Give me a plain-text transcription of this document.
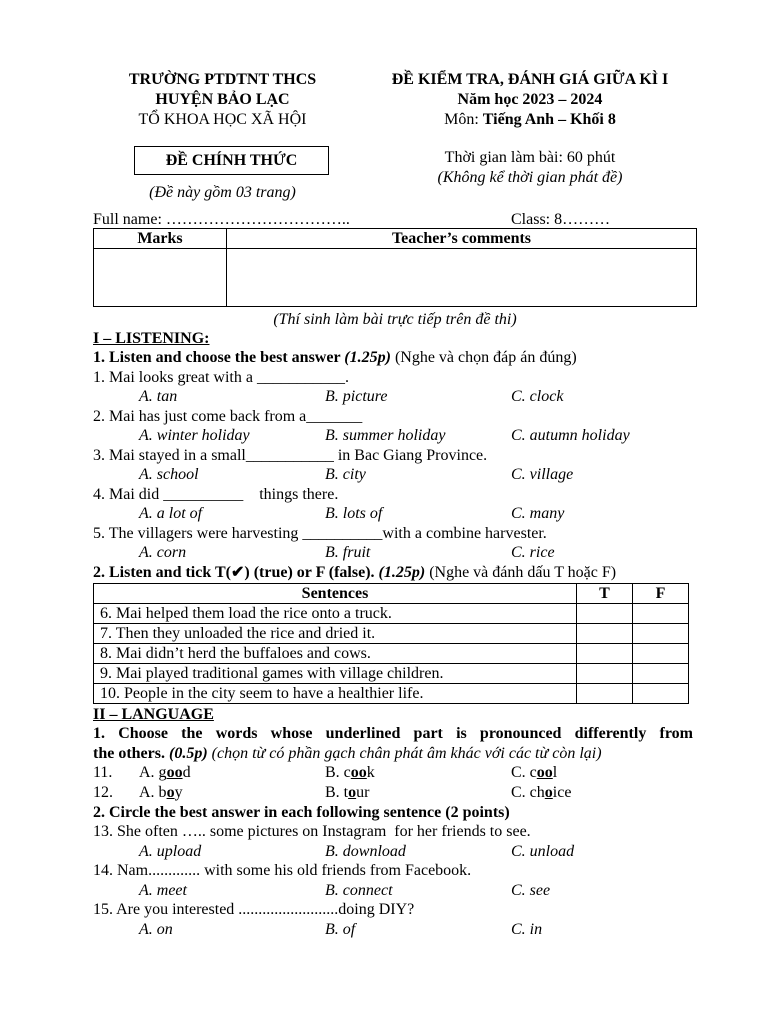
TRƯỜNG PTDTNT THCS
HUYỆN BẢO LẠC
TỔ KHOA HỌC XÃ HỘI
ĐỀ CHÍNH THỨC
(Đề này gồm 03 trang)
ĐỀ KIỂM TRA, ĐÁNH GIÁ GIỮA KÌ I
Năm học 2023 – 2024
Môn: Tiếng Anh – Khối 8
Thời gian làm bài: 60 phút
(Không kể thời gian phát đề)
Full name: ……………………………..	Class: 8………
Marks	Teacher’s comments

(Thí sinh làm bài trực tiếp trên đề thi)
I – LISTENING:
1. Listen and choose the best answer (1.25p) (Nghe và chọn đáp án đúng)
1. Mai looks great with a ___________.
A. tan	B. picture	C. clock
2. Mai has just come back from a_______
A. winter holiday	B. summer holiday	C. autumn holiday
3. Mai stayed in a small___________ in Bac Giang Province.
A. school	B. city	C. village
4. Mai did __________    things there.
A. a lot of	B. lots of	C. many
5. The villagers were harvesting __________with a combine harvester.
A. corn	B. fruit	C. rice
2. Listen and tick T(✔) (true) or F (false). (1.25p) (Nghe và đánh dấu T hoặc F)
Sentences	T	F
6. Mai helped them load the rice onto a truck.		
7. Then they unloaded the rice and dried it.		
8. Mai didn’t herd the buffaloes and cows.		
9. Mai played traditional games with village children.		
10. People in the city seem to have a healthier life.		
II – LANGUAGE
1. Choose the words whose underlined part is pronounced differently from
the others. (0.5p) (chọn từ có phần gạch chân phát âm khác với các từ còn lại)
11. A. good	B. cook	C. cool
12. A. boy	B. tour	C. choice
2. Circle the best answer in each following sentence (2 points)
13. She often ….. some pictures on Instagram  for her friends to see.
A. upload	B. download	C. unload
14. Nam............. with some his old friends from Facebook.
A. meet	B. connect	C. see
15. Are you interested .........................doing DIY?
A. on	B. of	C. in
